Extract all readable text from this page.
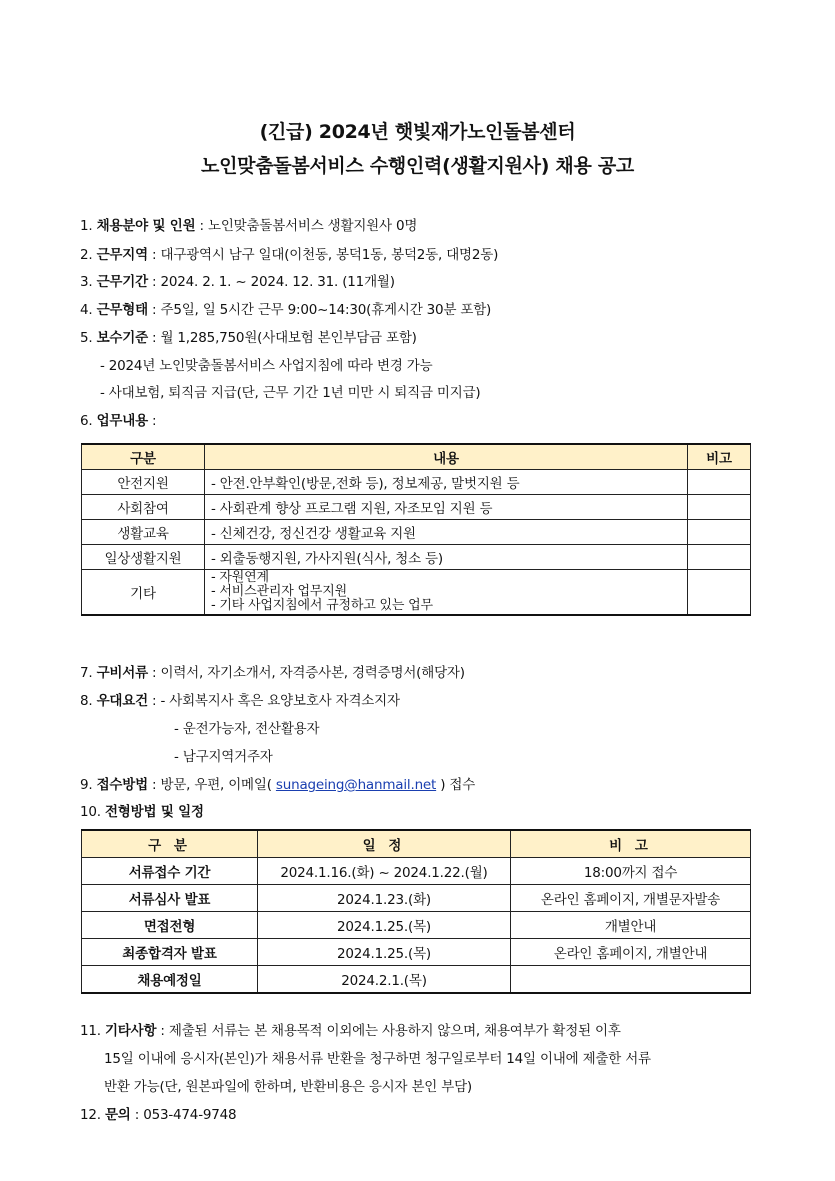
(긴급) 2024년 햇빛재가노인돌봄센터
노인맞춤돌봄서비스 수행인력(생활지원사) 채용 공고
1. 채용분야 및 인원 : 노인맞춤돌봄서비스 생활지원사 0명
2. 근무지역 : 대구광역시 남구 일대(이천동, 봉덕1동, 봉덕2동, 대명2동)
3. 근무기간 : 2024. 2. 1. ~ 2024. 12. 31. (11개월)
4. 근무형태 : 주5일, 일 5시간 근무 9:00~14:30(휴게시간 30분 포함)
5. 보수기준 : 월 1,285,750원(사대보험 본인부담금 포함)
- 2024년 노인맞춤돌봄서비스 사업지침에 따라 변경 가능
- 사대보험, 퇴직금 지급(단, 근무 기간 1년 미만 시 퇴직금 미지급)
6. 업무내용 :
구분	내용	비고
안전지원	- 안전.안부확인(방문,전화 등), 정보제공, 말벗지원 등	
사회참여	- 사회관계 향상 프로그램 지원, 자조모임 지원 등	
생활교육	- 신체건강, 정신건강 생활교육 지원	
일상생활지원	- 외출동행지원, 가사지원(식사, 청소 등)	
기타	- 자원연계
- 서비스관리자 업무지원
- 기타 사업지침에서 규정하고 있는 업무	

7. 구비서류 : 이력서, 자기소개서, 자격증사본, 경력증명서(해당자)
8. 우대요건 : - 사회복지사 혹은 요양보호사 자격소지자
- 운전가능자, 전산활용자
- 남구지역거주자
9. 접수방법 : 방문, 우편, 이메일( sunageing@hanmail.net ) 접수
10. 전형방법 및 일정
구 분	일 정	비 고
서류접수 기간	2024.1.16.(화) ~ 2024.1.22.(월)	18:00까지 접수
서류심사 발표	2024.1.23.(화)	온라인 홈페이지, 개별문자발송
면접전형	2024.1.25.(목)	개별안내
최종합격자 발표	2024.1.25.(목)	온라인 홈페이지, 개별안내
채용예정일	2024.2.1.(목)	
11. 기타사항 : 제출된 서류는 본 채용목적 이외에는 사용하지 않으며, 채용여부가 확정된 이후
15일 이내에 응시자(본인)가 채용서류 반환을 청구하면 청구일로부터 14일 이내에 제출한 서류
반환 가능(단, 원본파일에 한하며, 반환비용은 응시자 본인 부담)
12. 문의 : 053-474-9748
